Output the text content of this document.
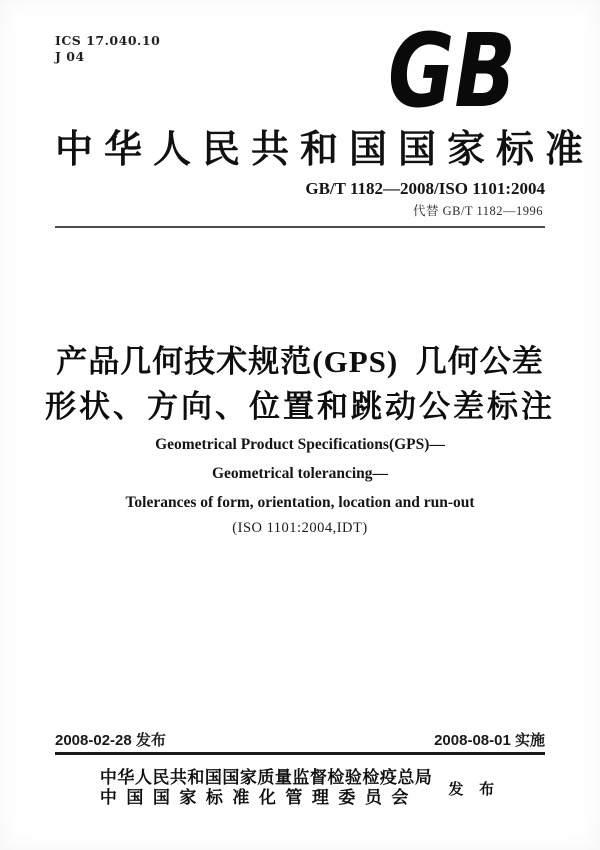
ICS 17.040.10
J 04	GB
中华人民共和国国家标准
GB/T 1182—2008/ISO 1101:2004
代替 GB/T 1182—1996
产品几何技术规范(GPS)  几何公差
形状、方向、位置和跳动公差标注
Geometrical Product Specifications(GPS)—
Geometrical tolerancing—
Tolerances of form, orientation, location and run-out
(ISO 1101:2004,IDT)
2008-02-28 发布	2008-08-01 实施
中华人民共和国国家质量监督检验检疫总局
中国国家标准化管理委员会	发 布
